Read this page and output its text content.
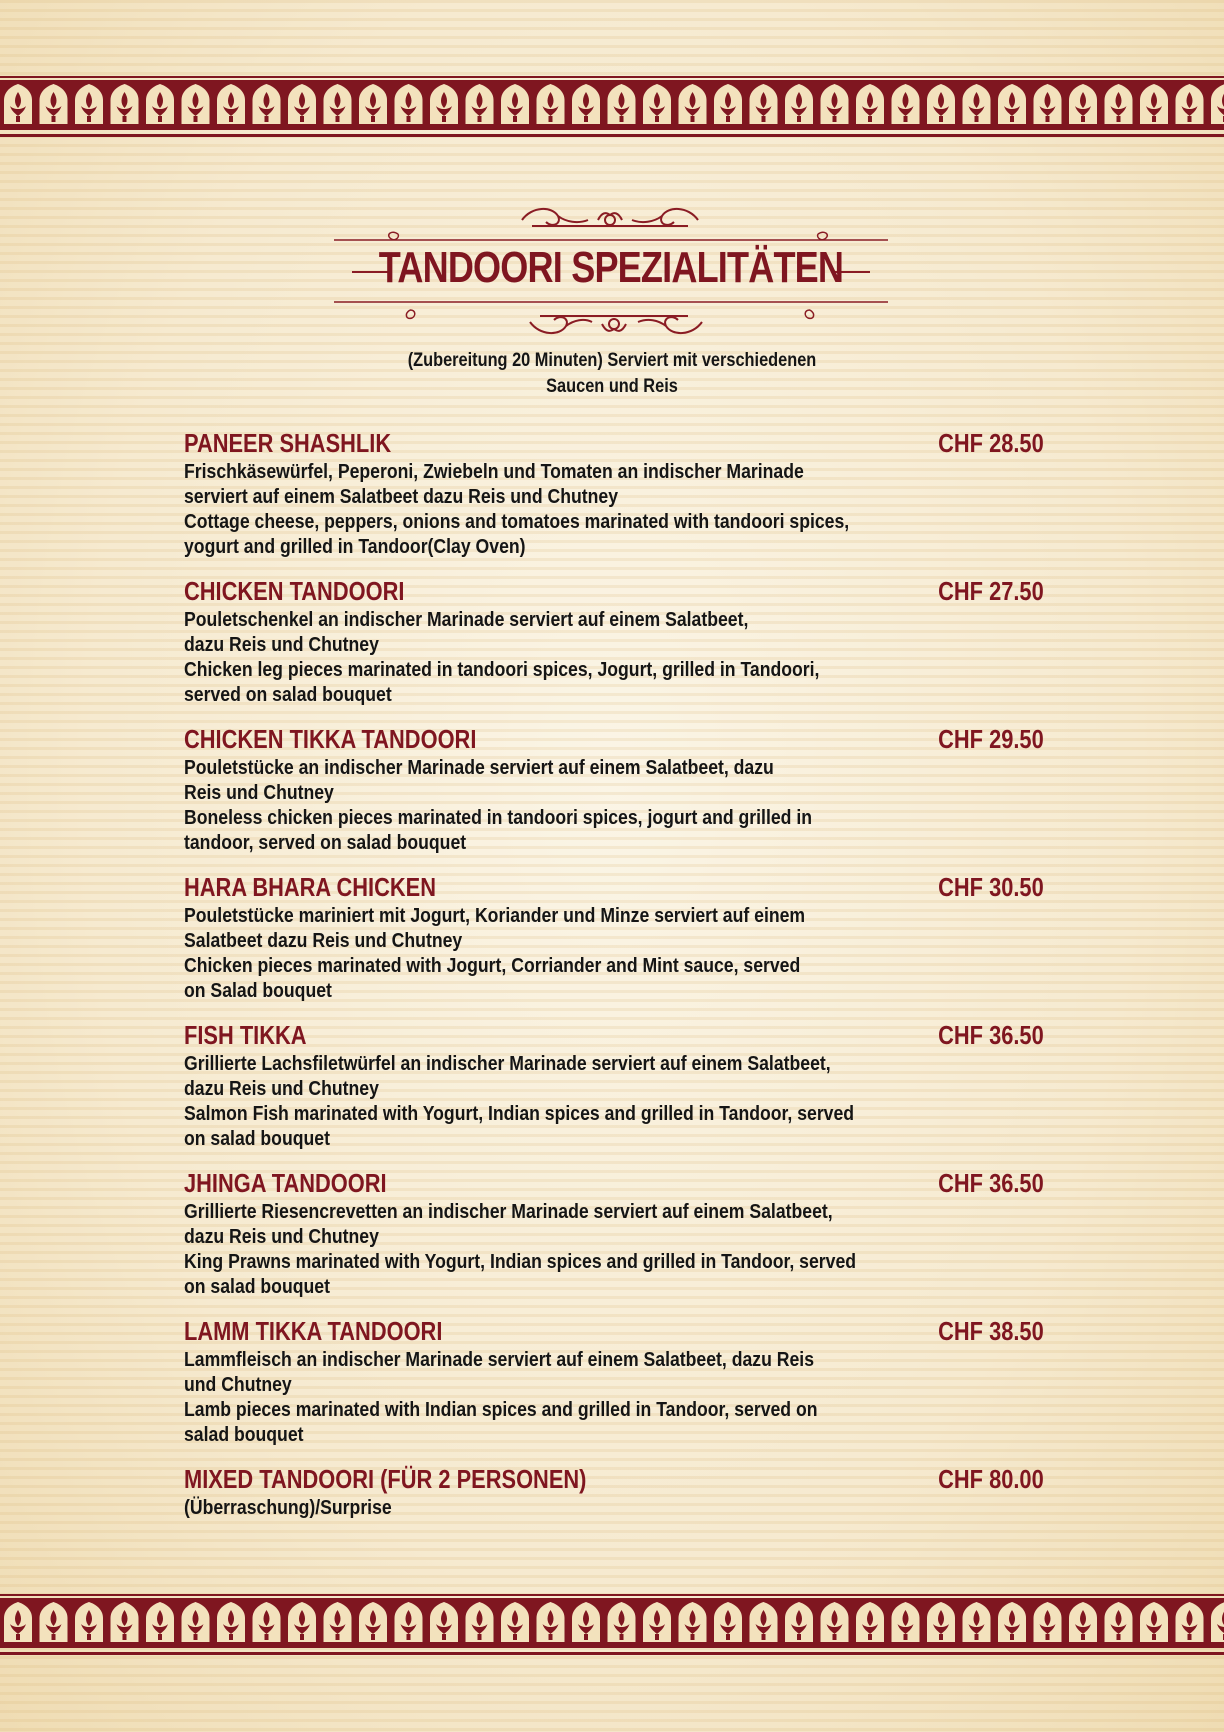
TANDOORI SPEZIALITÄTEN
(Zubereitung 20 Minuten) Serviert mit verschiedenen
Saucen und Reis
PANEER SHASHLIK	CHF 28.50
Frischkäsewürfel, Peperoni, Zwiebeln und Tomaten an indischer Marinade
serviert auf einem Salatbeet dazu Reis und Chutney
Cottage cheese, peppers, onions and tomatoes marinated with tandoori spices,
yogurt and grilled in Tandoor(Clay Oven)
CHICKEN TANDOORI	CHF 27.50
Pouletschenkel an indischer Marinade serviert auf einem Salatbeet,
dazu Reis und Chutney
Chicken leg pieces marinated in tandoori spices, Jogurt, grilled in Tandoori,
served on salad bouquet
CHICKEN TIKKA TANDOORI	CHF 29.50
Pouletstücke an indischer Marinade serviert auf einem Salatbeet, dazu
Reis und Chutney
Boneless chicken pieces marinated in tandoori spices, jogurt and grilled in
tandoor, served on salad bouquet
HARA BHARA CHICKEN	CHF 30.50
Pouletstücke mariniert mit Jogurt, Koriander und Minze serviert auf einem
Salatbeet dazu Reis und Chutney
Chicken pieces marinated with Jogurt, Corriander and Mint sauce, served
on Salad bouquet
FISH TIKKA	CHF 36.50
Grillierte Lachsfiletwürfel an indischer Marinade serviert auf einem Salatbeet,
dazu Reis und Chutney
Salmon Fish marinated with Yogurt, Indian spices and grilled in Tandoor, served
on salad bouquet
JHINGA TANDOORI	CHF 36.50
Grillierte Riesencrevetten an indischer Marinade serviert auf einem Salatbeet,
dazu Reis und Chutney
King Prawns marinated with Yogurt, Indian spices and grilled in Tandoor, served
on salad bouquet
LAMM TIKKA TANDOORI	CHF 38.50
Lammfleisch an indischer Marinade serviert auf einem Salatbeet, dazu Reis
und Chutney
Lamb pieces marinated with Indian spices and grilled in Tandoor, served on
salad bouquet
MIXED TANDOORI (FÜR 2 PERSONEN)	CHF 80.00
(Überraschung)/Surprise
